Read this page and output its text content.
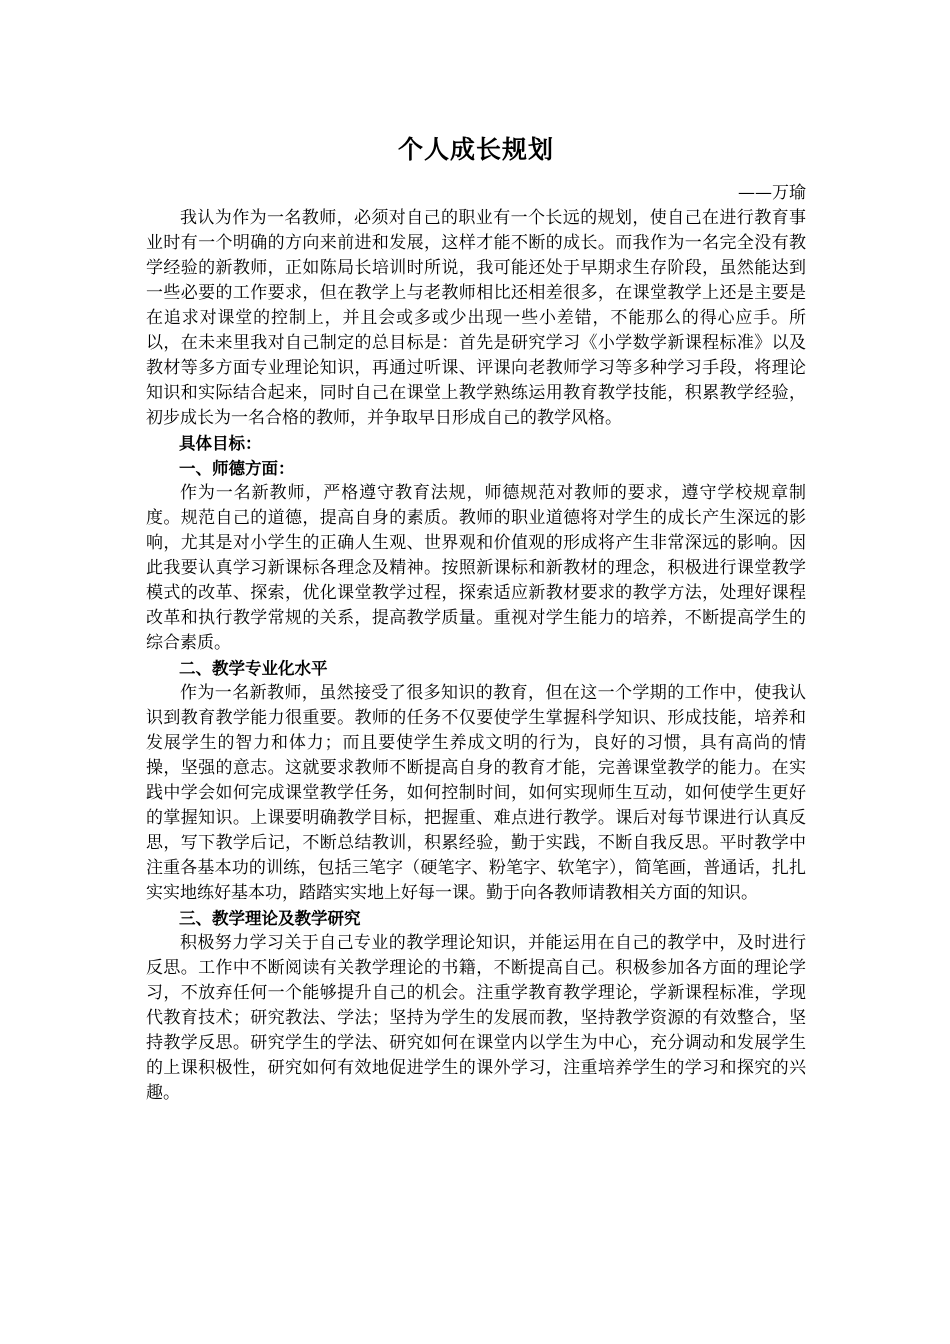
个人成长规划

——万瑜

我认为作为一名教师，必须对自己的职业有一个长远的规划，使自己在进行教育事业时有一个明确的方向来前进和发展，这样才能不断的成长。而我作为一名完全没有教学经验的新教师，正如陈局长培训时所说，我可能还处于早期求生存阶段，虽然能达到一些必要的工作要求，但在教学上与老教师相比还相差很多，在课堂教学上还是主要是在追求对课堂的控制上，并且会或多或少出现一些小差错，不能那么的得心应手。所以，在未来里我对自己制定的总目标是：首先是研究学习《小学数学新课程标准》以及教材等多方面专业理论知识，再通过听课、评课向老教师学习等多种学习手段，将理论知识和实际结合起来，同时自己在课堂上教学熟练运用教育教学技能，积累教学经验，初步成长为一名合格的教师，并争取早日形成自己的教学风格。

具体目标：

一、师德方面：

作为一名新教师，严格遵守教育法规，师德规范对教师的要求，遵守学校规章制度。规范自己的道德，提高自身的素质。教师的职业道德将对学生的成长产生深远的影响，尤其是对小学生的正确人生观、世界观和价值观的形成将产生非常深远的影响。因此我要认真学习新课标各理念及精神。按照新课标和新教材的理念，积极进行课堂教学模式的改革、探索，优化课堂教学过程，探索适应新教材要求的教学方法，处理好课程改革和执行教学常规的关系，提高教学质量。重视对学生能力的培养，不断提高学生的综合素质。

二、教学专业化水平

作为一名新教师，虽然接受了很多知识的教育，但在这一个学期的工作中，使我认识到教育教学能力很重要。教师的任务不仅要使学生掌握科学知识、形成技能，培养和发展学生的智力和体力；而且要使学生养成文明的行为，良好的习惯，具有高尚的情操，坚强的意志。这就要求教师不断提高自身的教育才能，完善课堂教学的能力。在实践中学会如何完成课堂教学任务，如何控制时间，如何实现师生互动，如何使学生更好的掌握知识。上课要明确教学目标，把握重、难点进行教学。课后对每节课进行认真反思，写下教学后记，不断总结教训，积累经验，勤于实践，不断自我反思。平时教学中注重各基本功的训练，包括三笔字（硬笔字、粉笔字、软笔字），简笔画，普通话，扎扎实实地练好基本功，踏踏实实地上好每一课。勤于向各教师请教相关方面的知识。

三、教学理论及教学研究

积极努力学习关于自己专业的教学理论知识，并能运用在自己的教学中，及时进行反思。工作中不断阅读有关教学理论的书籍，不断提高自己。积极参加各方面的理论学习，不放弃任何一个能够提升自己的机会。注重学教育教学理论，学新课程标准，学现代教育技术；研究教法、学法；坚持为学生的发展而教，坚持教学资源的有效整合，坚持教学反思。研究学生的学法、研究如何在课堂内以学生为中心，充分调动和发展学生的上课积极性，研究如何有效地促进学生的课外学习，注重培养学生的学习和探究的兴趣。
